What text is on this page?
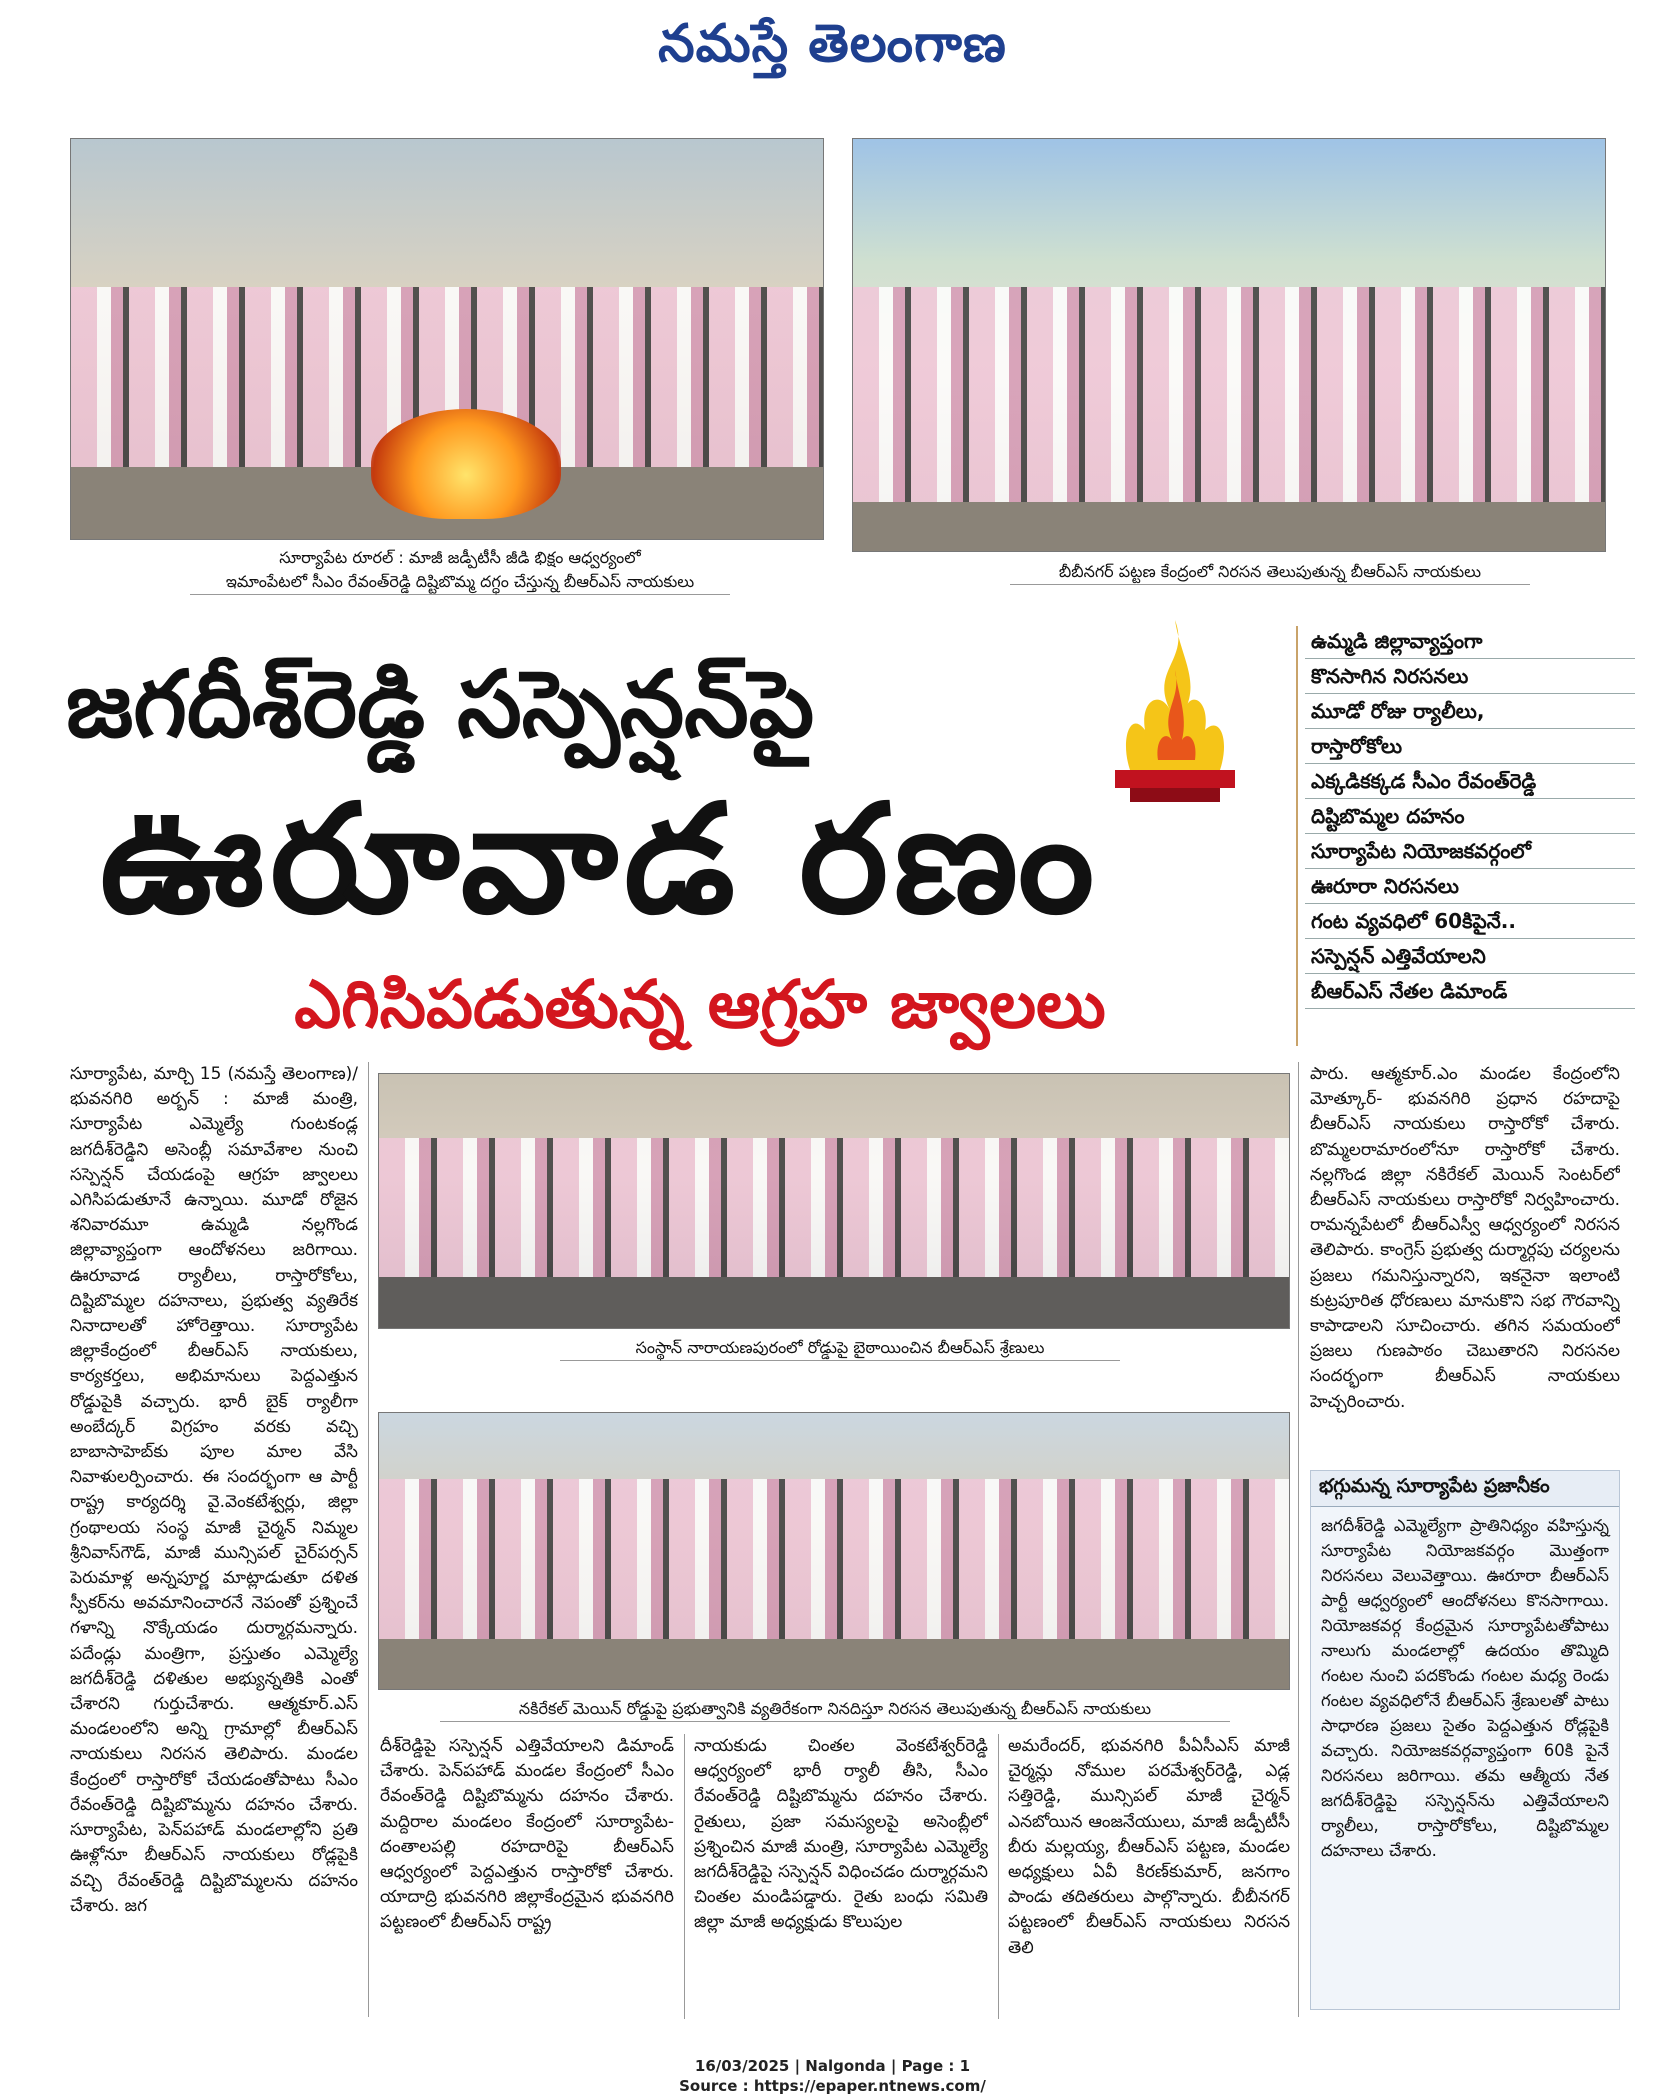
నమస్తే తెలంగాణ
సూర్యాపేట రూరల్ : మాజీ జడ్పీటీసీ జీడి భిక్షం ఆధ్వర్యంలో
ఇమాంపేటలో సీఎం రేవంత్‌రెడ్డి దిష్టిబొమ్మ దగ్ధం చేస్తున్న బీఆర్‌ఎస్ నాయకులు
బీబీనగర్ పట్టణ కేంద్రంలో నిరసన తెలుపుతున్న బీఆర్‌ఎస్ నాయకులు
జగదీశ్‌రెడ్డి సస్పెన్షన్‌పై
ఊరూవాడ రణం
ఎగిసిపడుతున్న ఆగ్రహ జ్వాలలు
ఉమ్మడి జిల్లావ్యాప్తంగా
కొనసాగిన నిరసనలు
మూడో రోజు ర్యాలీలు,
రాస్తారోకోలు
ఎక్కడికక్కడ సీఎం రేవంత్‌రెడ్డి
దిష్టిబొమ్మల దహనం
సూర్యాపేట నియోజకవర్గంలో
ఊరూరా నిరసనలు
గంట వ్యవధిలో 60కిపైనే..
సస్పెన్షన్ ఎత్తివేయాలని
బీఆర్‌ఎస్ నేతల డిమాండ్

సూర్యాపేట, మార్చి 15 (నమస్తే తెలంగాణ)/భువనగిరి అర్బన్ : మాజీ మంత్రి, సూర్యాపేట ఎమ్మెల్యే గుంటకండ్ల జగదీశ్‌రెడ్డిని అసెంబ్లీ సమావేశాల నుంచి సస్పెన్షన్ చేయడంపై ఆగ్రహ జ్వాలలు ఎగిసిపడుతూనే ఉన్నాయి. మూడో రోజైన శనివారమూ ఉమ్మడి నల్లగొండ జిల్లావ్యాప్తంగా ఆందోళనలు జరిగాయి. ఊరూవాడ ర్యాలీలు, రాస్తారోకోలు, దిష్టిబొమ్మల దహనాలు, ప్రభుత్వ వ్యతిరేక నినాదాలతో హోరెత్తాయి. సూర్యాపేట జిల్లాకేంద్రంలో బీఆర్‌ఎస్ నాయకులు, కార్యకర్తలు, అభిమానులు పెద్దఎత్తున రోడ్డుపైకి వచ్చారు. భారీ బైక్ ర్యాలీగా అంబేద్కర్ విగ్రహం వరకు వచ్చి బాబాసాహెబ్‌కు పూల మాల వేసి నివాళులర్పించారు. ఈ సందర్భంగా ఆ పార్టీ రాష్ట్ర కార్యదర్శి వై.వెంకటేశ్వర్లు, జిల్లా గ్రంథాలయ సంస్థ మాజీ చైర్మన్ నిమ్మల శ్రీనివాస్‌గౌడ్, మాజీ మున్సిపల్ చైర్‌పర్సన్ పెరుమాళ్ల అన్నపూర్ణ మాట్లాడుతూ దళిత స్పీకర్‌ను అవమానించారనే నెపంతో ప్రశ్నించే గళాన్ని నొక్కేయడం దుర్మార్గమన్నారు. పదేండ్లు మంత్రిగా, ప్రస్తుతం ఎమ్మెల్యే జగదీశ్‌రెడ్డి దళితుల అభ్యున్నతికి ఎంతో చేశారని గుర్తుచేశారు. ఆత్మకూర్.ఎస్ మండలంలోని అన్ని గ్రామాల్లో బీఆర్‌ఎస్ నాయకులు నిరసన తెలిపారు. మండల కేంద్రంలో రాస్తారోకో చేయడంతోపాటు సీఎం రేవంత్‌రెడ్డి దిష్టిబొమ్మను దహనం చేశారు. సూర్యాపేట, పెన్‌పహాడ్ మండలాల్లోని ప్రతి ఊళ్లోనూ బీఆర్‌ఎస్ నాయకులు రోడ్లపైకి వచ్చి రేవంత్‌రెడ్డి దిష్టిబొమ్మలను దహనం చేశారు. జగ

సంస్థాన్ నారాయణపురంలో రోడ్డుపై బైఠాయించిన బీఆర్‌ఎస్ శ్రేణులు
నకిరేకల్ మెయిన్ రోడ్డుపై ప్రభుత్వానికి వ్యతిరేకంగా నినదిస్తూ నిరసన తెలుపుతున్న బీఆర్‌ఎస్ నాయకులు

దీశ్‌రెడ్డిపై సస్పెన్షన్ ఎత్తివేయాలని డిమాండ్ చేశారు. పెన్‌పహాడ్ మండల కేంద్రంలో సీఎం రేవంత్‌రెడ్డి దిష్టిబొమ్మను దహనం చేశారు. మద్దిరాల మండలం కేంద్రంలో సూర్యాపేట-దంతాలపల్లి రహదారిపై బీఆర్‌ఎస్ ఆధ్వర్యంలో పెద్దఎత్తున రాస్తారోకో చేశారు. యాదాద్రి భువనగిరి జిల్లాకేంద్రమైన భువనగిరి పట్టణంలో బీఆర్‌ఎస్ రాష్ట్ర

నాయకుడు చింతల వెంకటేశ్వర్‌రెడ్డి ఆధ్వర్యంలో భారీ ర్యాలీ తీసి, సీఎం రేవంత్‌రెడ్డి దిష్టిబొమ్మను దహనం చేశారు. రైతులు, ప్రజా సమస్యలపై అసెంబ్లీలో ప్రశ్నించిన మాజీ మంత్రి, సూర్యాపేట ఎమ్మెల్యే జగదీశ్‌రెడ్డిపై సస్పెన్షన్ విధించడం దుర్మార్గమని చింతల మండిపడ్డారు. రైతు బంధు సమితి జిల్లా మాజీ అధ్యక్షుడు కొలుపుల

అమరేందర్, భువనగిరి పీఏసీఎస్ మాజీ చైర్మన్లు నోముల పరమేశ్వర్‌రెడ్డి, ఎడ్ల సత్తిరెడ్డి, మున్సిపల్ మాజీ చైర్మన్ ఎనబోయిన ఆంజనేయులు, మాజీ జడ్పీటీసీ బీరు మల్లయ్య, బీఆర్‌ఎస్ పట్టణ, మండల అధ్యక్షులు ఏవీ కిరణ్‌కుమార్, జనగాం పాండు తదితరులు పాల్గొన్నారు. బీబీనగర్ పట్టణంలో బీఆర్‌ఎస్ నాయకులు నిరసన తెలి

పారు. ఆత్మకూర్.ఎం మండల కేంద్రంలోని మోత్కూర్- భువనగిరి ప్రధాన రహదాపై బీఆర్‌ఎస్ నాయకులు రాస్తారోకో చేశారు. బొమ్మలరామారంలోనూ రాస్తారోకో చేశారు. నల్లగొండ జిల్లా నకిరేకల్ మెయిన్ సెంటర్‌లో బీఆర్‌ఎస్ నాయకులు రాస్తారోకో నిర్వహించారు. రామన్నపేటలో బీఆర్‌ఎస్వీ ఆధ్వర్యంలో నిరసన తెలిపారు. కాంగ్రెస్ ప్రభుత్వ దుర్మార్గపు చర్యలను ప్రజలు గమనిస్తున్నారని, ఇకనైనా ఇలాంటి కుట్రపూరిత ధోరణులు మానుకొని సభ గౌరవాన్ని కాపాడాలని సూచించారు. తగిన సమయంలో ప్రజలు గుణపాఠం చెబుతారని నిరసనల సందర్భంగా బీఆర్‌ఎస్ నాయకులు హెచ్చరించారు.

భగ్గుమన్న సూర్యాపేట ప్రజానీకం
జగదీశ్‌రెడ్డి ఎమ్మెల్యేగా ప్రాతినిధ్యం వహిస్తున్న సూర్యాపేట నియోజకవర్గం మొత్తంగా నిరసనలు వెలువెత్తాయి. ఊరూరా బీఆర్‌ఎస్ పార్టీ ఆధ్వర్యంలో ఆందోళనలు కొనసాగాయి. నియోజకవర్గ కేంద్రమైన సూర్యాపేటతోపాటు నాలుగు మండలాల్లో ఉదయం తొమ్మిది గంటల నుంచి పదకొండు గంటల మధ్య రెండు గంటల వ్యవధిలోనే బీఆర్‌ఎస్ శ్రేణులతో పాటు సాధారణ ప్రజలు సైతం పెద్దఎత్తున రోడ్లపైకి వచ్చారు. నియోజకవర్గవ్యాప్తంగా 60కి పైనే నిరసనలు జరిగాయి. తమ ఆత్మీయ నేత జగదీశ్‌రెడ్డిపై సస్పెన్షన్‌ను ఎత్తివేయాలని ర్యాలీలు, రాస్తారోకోలు, దిష్టిబొమ్మల దహనాలు చేశారు.
16/03/2025 | Nalgonda | Page : 1
Source : https://epaper.ntnews.com/
